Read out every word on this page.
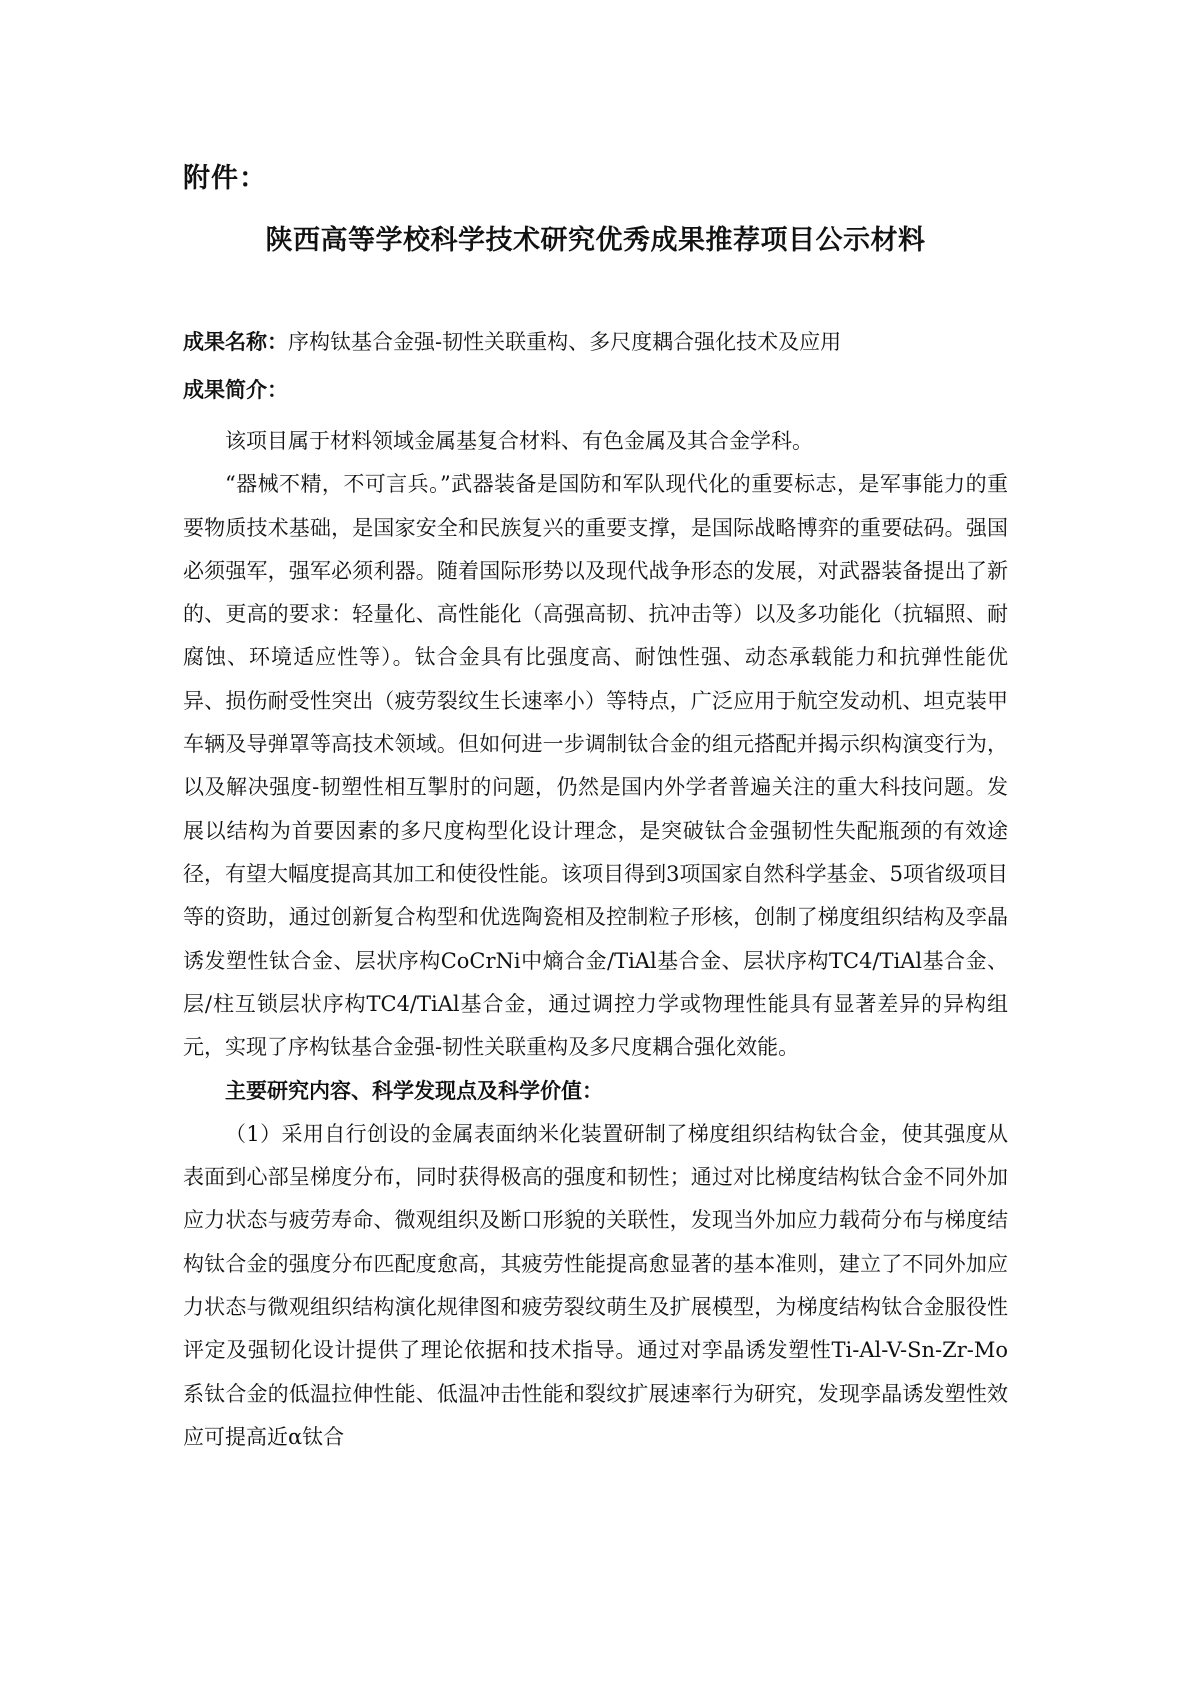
附件：
陕西高等学校科学技术研究优秀成果推荐项目公示材料
成果名称：序构钛基合金强-韧性关联重构、多尺度耦合强化技术及应用
成果简介：

该项目属于材料领域金属基复合材料、有色金属及其合金学科。

“器械不精，不可言兵。”武器装备是国防和军队现代化的重要标志，是军事能力的重要物质技术基础，是国家安全和民族复兴的重要支撑，是国际战略博弈的重要砝码。强国必须强军，强军必须利器。随着国际形势以及现代战争形态的发展，对武器装备提出了新的、更高的要求：轻量化、高性能化（高强高韧、抗冲击等）以及多功能化（抗辐照、耐腐蚀、环境适应性等）。钛合金具有比强度高、耐蚀性强、动态承载能力和抗弹性能优异、损伤耐受性突出（疲劳裂纹生长速率小）等特点，广泛应用于航空发动机、坦克装甲车辆及导弹罩等高技术领域。但如何进一步调制钛合金的组元搭配并揭示织构演变行为，以及解决强度-韧塑性相互掣肘的问题，仍然是国内外学者普遍关注的重大科技问题。发展以结构为首要因素的多尺度构型化设计理念，是突破钛合金强韧性失配瓶颈的有效途径，有望大幅度提高其加工和使役性能。该项目得到3项国家自然科学基金、5项省级项目等的资助，通过创新复合构型和优选陶瓷相及控制粒子形核，创制了梯度组织结构及孪晶诱发塑性钛合金、层状序构CoCrNi中熵合金/TiAl基合金、层状序构TC4/TiAl基合金、层/柱互锁层状序构TC4/TiAl基合金，通过调控力学或物理性能具有显著差异的异构组元，实现了序构钛基合金强-韧性关联重构及多尺度耦合强化效能。

主要研究内容、科学发现点及科学价值：

（1）采用自行创设的金属表面纳米化装置研制了梯度组织结构钛合金，使其强度从表面到心部呈梯度分布，同时获得极高的强度和韧性；通过对比梯度结构钛合金不同外加应力状态与疲劳寿命、微观组织及断口形貌的关联性，发现当外加应力载荷分布与梯度结构钛合金的强度分布匹配度愈高，其疲劳性能提高愈显著的基本准则，建立了不同外加应力状态与微观组织结构演化规律图和疲劳裂纹萌生及扩展模型，为梯度结构钛合金服役性评定及强韧化设计提供了理论依据和技术指导。通过对孪晶诱发塑性Ti-Al-V-Sn-Zr-Mo系钛合金的低温拉伸性能、低温冲击性能和裂纹扩展速率行为研究，发现孪晶诱发塑性效应可提高近α钛合
